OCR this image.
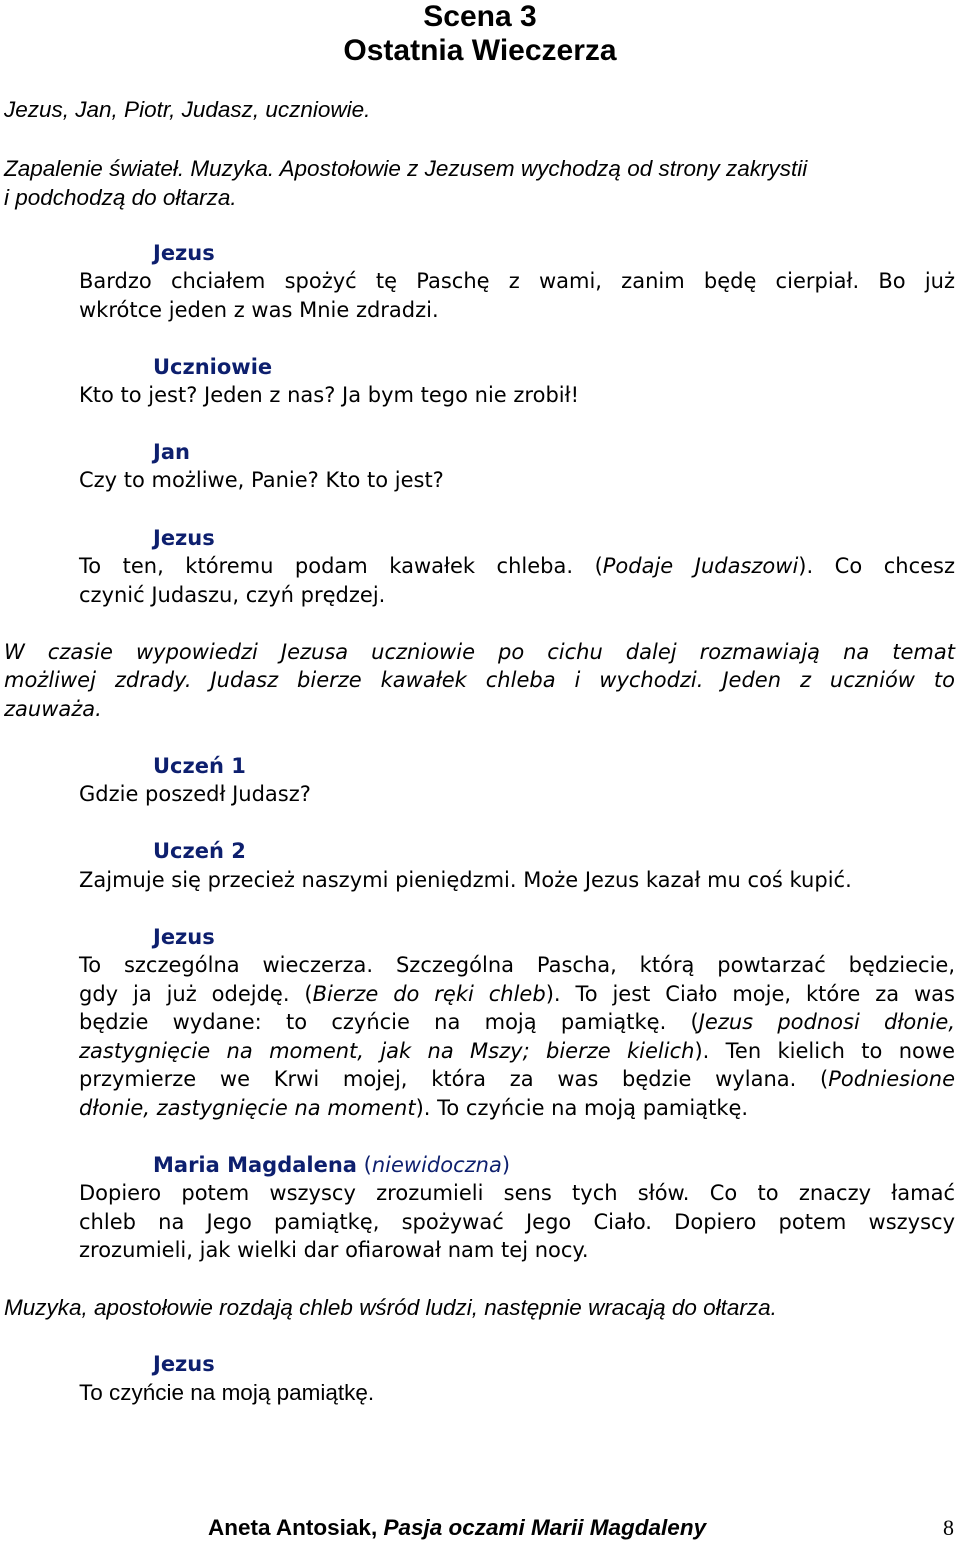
Scena 3
Ostatnia Wieczerza
Jezus, Jan, Piotr, Judasz, uczniowie.
Zapalenie świateł. Muzyka. Apostołowie z Jezusem wychodzą od strony zakrystii
i podchodzą do ołtarza.
Jezus
Bardzo chciałem spożyć tę Paschę z wami, zanim będę cierpiał. Bo już
wkrótce jeden z was Mnie zdradzi.
Uczniowie
Kto to jest? Jeden z nas? Ja bym tego nie zrobił!
Jan
Czy to możliwe, Panie? Kto to jest?
Jezus
To ten, któremu podam kawałek chleba. (Podaje Judaszowi). Co chcesz
czynić Judaszu, czyń prędzej.
W czasie wypowiedzi Jezusa uczniowie po cichu dalej rozmawiają na temat
możliwej zdrady. Judasz bierze kawałek chleba i wychodzi. Jeden z uczniów to
zauważa.
Uczeń 1
Gdzie poszedł Judasz?
Uczeń 2
Zajmuje się przecież naszymi pieniędzmi. Może Jezus kazał mu coś kupić.
Jezus
To szczególna wieczerza. Szczególna Pascha, którą powtarzać będziecie,
gdy ja już odejdę. (Bierze do ręki chleb). To jest Ciało moje, które za was
będzie wydane: to czyńcie na moją pamiątkę. (Jezus podnosi dłonie,
zastygnięcie na moment, jak na Mszy; bierze kielich). Ten kielich to nowe
przymierze we Krwi mojej, która za was będzie wylana. (Podniesione
dłonie, zastygnięcie na moment). To czyńcie na moją pamiątkę.
Maria Magdalena (niewidoczna)
Dopiero potem wszyscy zrozumieli sens tych słów. Co to znaczy łamać
chleb na Jego pamiątkę, spożywać Jego Ciało. Dopiero potem wszyscy
zrozumieli, jak wielki dar ofiarował nam tej nocy.
Muzyka, apostołowie rozdają chleb wśród ludzi, następnie wracają do ołtarza.
Jezus
To czyńcie na moją pamiątkę.
Aneta Antosiak, Pasja oczami Marii Magdaleny	8
